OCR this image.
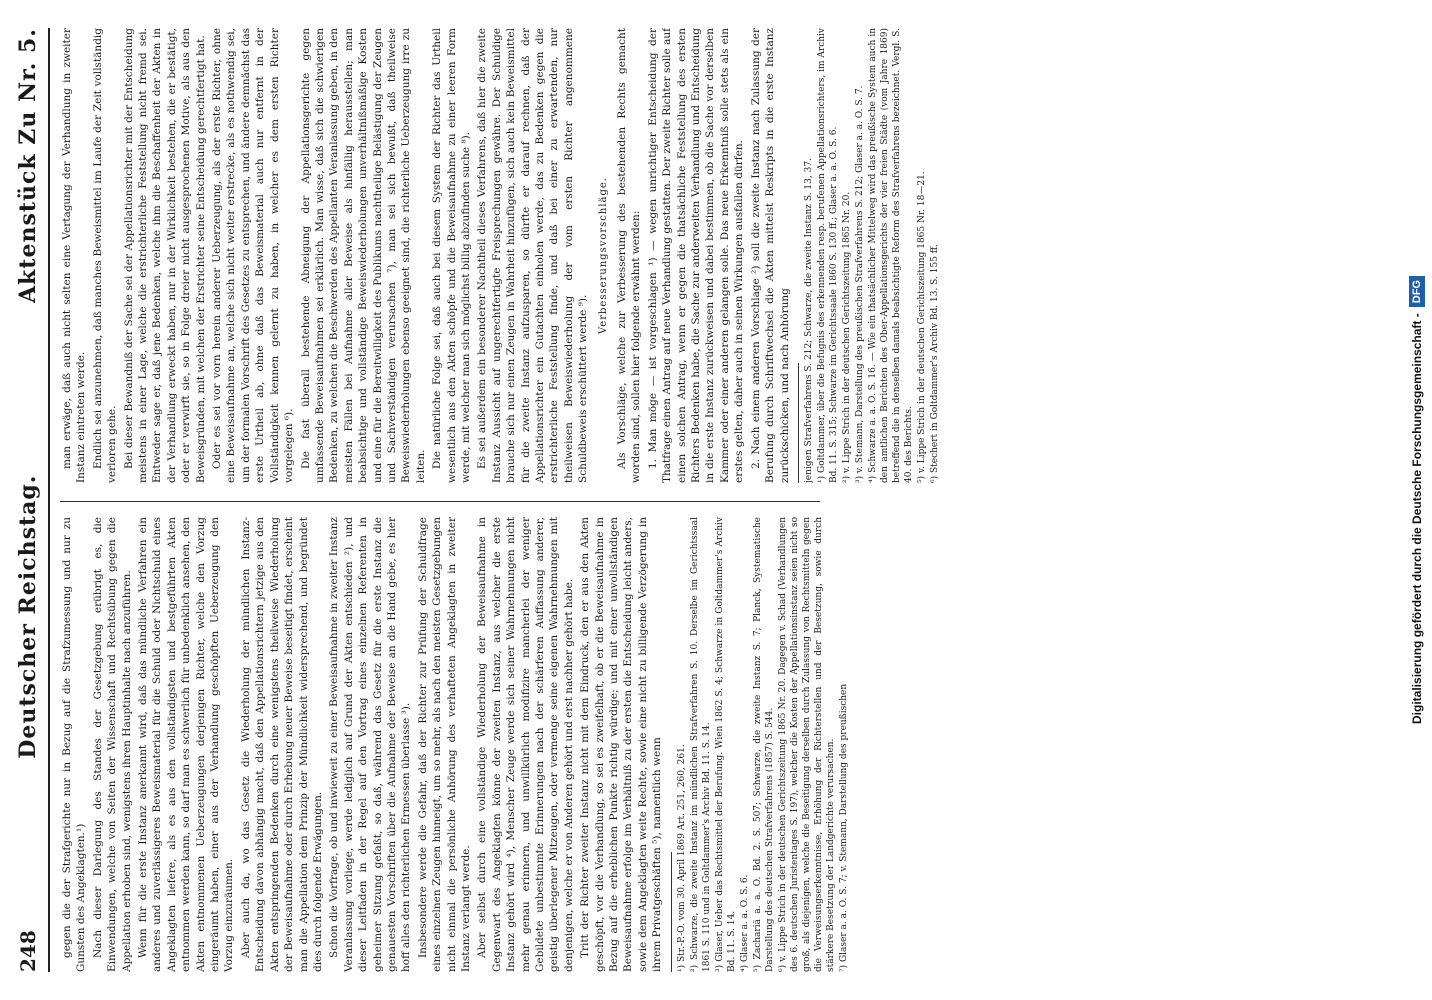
248
Deutscher Reichstag.
Aktenstück Zu Nr. 5.

gegen die der Strafgerichte nur in Bezug auf die Strafzumessung und nur zu Gunsten des Angeklagten.¹) Nach dieser Darlegung des Standes der Gesetzgebung erübrigt es, die Einwendungen, welche von Seiten der Wissenschaft und Rechtsübung gegen die Appellation erhoben sind, wenigstens ihren Hauptinhalte nach anzuführen. Wenn für die erste Instanz anerkannt wird, daß das mündliche Verfahren ein anderes und zuverlässigeres Beweismaterial für die Schuld oder Nichtschuld eines Angeklagten liefere, als es aus den vollständigsten und bestgeführten Akten entnommen werden kann, so darf man es schwerlich für unbedenklich ansehen, den Akten entnommenen Ueberzeugungen derjenigen Richter, welche den Vorzug eingeräumt haben, einer aus der Verhandlung geschöpften Ueberzeugung den Vorzug einzuräumen. Aber auch da, wo das Gesetz die Wiederholung der mündlichen Instanz-Entscheidung davon abhängig macht, daß den Appellationsrichtern jetzige aus den Akten entspringenden Bedenken durch eine wenigstens theilweise Wiederholung der Beweisaufnahme oder durch Erhebung neuer Beweise beseitigt findet, erscheint man die Appellation dem Prinzip der Mündlichkeit widersprechend, und begründet dies durch folgende Erwägungen. Schon die Vorfrage, ob und inwieweit zu einer Beweisaufnahme in zweiter Instanz Veranlassung vorliege, werde lediglich auf Grund der Akten entschieden ²), und dieser Leitfaden in der Regel auf den Vortrag eines einzelnen Referenten in geheimer Sitzung gefaßt, so daß, während das Gesetz für die erste Instanz die genauesten Vorschriften über die Aufnahme der Beweise an die Hand gebe, es hier hoff alles den richterlichen Ermessen überlasse ³). Insbesondere werde die Gefahr, daß der Richter zur Prüfung der Schuldfrage eines einzelnen Zeugen hinneigt, um so mehr, als nach den meisten Gesetzgebungen nicht einmal die persönliche Anhörung des verhafteten Angeklagten in zweiter Instanz verlangt werde. Aber selbst durch eine vollständige Wiederholung der Beweisaufnahme in Gegenwart des Angeklagten könne der zweiten Instanz, aus welcher die erste Instanz gehört wird ⁴), Menscher Zeuge werde sich seiner Wahrnehmungen nicht mehr genau erinnern, und unwillkürlich modifizire mancherlei der weniger Gebildete unbestimmte Erinnerungen nach der schärferen Auffassung anderer, geistig überlegener Mitzeugen, oder vermenge seine eigenen Wahrnehmungen mit denjenigen, welche er von Anderen gehört und erst nachher gehört habe. Tritt der Richter zweiter Instanz nicht mit dem Eindruck, den er aus den Akten geschöpft, vor die Verhandlung, so sei es zweifelhaft, ob er die Beweisaufnahme in Bezug auf die erheblichen Punkte richtig würdige; und mit einer unvollständigen Beweisaufnahme erfolge im Verhältniß zu der ersten die Entscheidung leicht anders, sowie dem Angeklagten weite Rechte, sowie eine nicht zu billigende Verzögerung in ihrem Privatgeschäften ⁵), namentlich wenn ¹) Str.-P.-O. vom 30. April 1869 Art. 251, 260, 261. ²) Schwarze, die zweite Instanz im mündlichen Strafverfahren S. 10. Derselbe im Gerichtssaal 1861 S. 110 und in Goltdammer's Archiv Bd. 11. S. 14. ³) Glaser, Ueber das Rechtsmittel der Berufung. Wien 1862 S. 4; Schwarze in Goltdammer's Archiv Bd. 11. S. 14. ⁴) Glaser a. a. O. S. 6. ⁵) Zachariä a. a. O. Bd. 2. S. 507; Schwarze, die zweite Instanz S. 7; Planck, Systematische Darstellung des deutschen Strafverfahrens (1857) S. 544. ⁶) v. Lippe Strich in der deutschen Gerichtszeitung 1865 Nr. 20. Dagegen v. Schad (Verhandlungen des 6. deutschen Juristentages S. 197), welcher die Kosten der Appellationsinstanz seien nicht so groß, als diejenigen, welche die Beseitigung derselben durch Zulassung von Rechtsmitteln gegen die Verweisungserkenntnisse, Erhöhung der Richterstellen und der Besetzung, sowie durch stärkere Besetzung der Landgerichte verursachen. ⁷) Glaser a. a. O. S. 7; v. Stemann, Darstellung des preußischen

man erwäge, daß auch nicht selten eine Vertagung der Verhandlung in zweiter Instanz eintreten werde. Endlich sei anzunehmen, daß manches Beweismittel im Laufe der Zeit vollständig verloren gehe. Bei dieser Bewandniß der Sache sei der Appellationsrichter mit der Entscheidung meistens in einer Lage, welche die erstrichterliche Feststellung nicht fremd sei. Entweder sage er, daß jene Bedenken, welche ihm die Beschaffenheit der Akten in der Verhandlung erweckt haben, nur in der Wirklichkeit bestehen, die er bestätigt, oder er verwirft sie, so in Folge dreier nicht ausgesprochenen Motive, als aus den Beweisgründen, mit welchen der Erstrichter seine Entscheidung gerechtfertigt hat. Oder es sei vor vorn herein anderer Ueberzeugung, als der erste Richter, ohne eine Beweisaufnahme an, welche sich nicht weiter erstrecke, als es nothwendig sei, um der formalen Vorschrift des Gesetzes zu entsprechen, und ändere demnächst das erste Urtheil ab, ohne daß das Beweismaterial auch nur entfernt in der Vollständigkeit kennen gelernt zu haben, in welcher es dem ersten Richter vorgelegen ⁶). Die fast überall bestehende Abneigung der Appellationsgerichte gegen umfassende Beweisaufnahmen sei erklärlich. Man wisse, daß sich die schwierigen Bedenken, zu welchen die Beschwerden des Appellanten Veranlassung geben, in den meisten Fällen bei Aufnahme aller Beweise als hinfällig herausstellen; man beabsichtige und vollständige Beweiswiederholungen unverhältnißmäßige Kosten und eine für die Bereitwilligkeit des Publikums nachtheilige Belästigung der Zeugen und Sachverständigen verursachen ⁷), man sei sich bewußt, daß theilweise Beweiswiederholungen ebenso geeignet sind, die richterliche Ueberzeugung irre zu leiten. Die natürliche Folge sei, daß auch bei diesem System der Richter das Urtheil wesentlich aus den Akten schöpfe und die Beweisaufnahme zu einer leeren Form werde, mit welcher man sich möglichst billig abzufinden suche ⁸). Es sei außerdem ein besonderer Nachtheil dieses Verfahrens, daß hier die zweite Instanz Aussicht auf ungerechtfertigte Freisprechungen gewähre. Der Schuldige brauche sich nur einen Zeugen in Wahrheit hinzufügen, sich auch kein Beweismittel für die zweite Instanz aufzusparen, so dürfte er darauf rechnen, daß der Appellationsrichter ein Gutachten einholen werde, das zu Bedenken gegen die erstrichterliche Feststellung finde, und daß bei einer zu erwartenden, nur theilweisen Beweiswiederholung der vom ersten Richter angenommene Schuldbeweis erschüttert werde ⁹).

Verbesserungsvorschläge. Als Vorschläge, welche zur Verbesserung des bestehenden Rechts gemacht worden sind, sollen hier folgende erwähnt werden: 1. Man möge — ist vorgeschlagen ¹) — wegen unrichtiger Entscheidung der Thatfrage einen Antrag auf neue Verhandlung gestatten. Der zweite Richter solle auf einen solchen Antrag, wenn er gegen die thatsächliche Feststellung des ersten Richters Bedenken habe, die Sache zur anderweiten Verhandlung und Entscheidung in die erste Instanz zurückweisen und dabei bestimmen, ob die Sache vor derselben Kammer oder einer anderen gelangen solle. Das neue Erkenntniß solle stets als ein erstes gelten, daher auch in seinen Wirkungen ausfallen dürfen. 2. Nach einem anderen Vorschlage ²) soll die zweite Instanz nach Zulassung der Berufung durch Schriftwechsel die Akten mittelst Reskripts in die erste Instanz zurückschicken, und nach Anhörung jenigen Strafverfahrens S. 212; Schwarze, die zweite Instanz S. 13, 37. ¹) Goltdammer, über die Befugnis des erkennenden resp. berufenen Appellationsrichters, im Archiv Bd. 11. S. 315; Schwarze im Gerichtssaale 1860 S. 130 ff.; Glaser a. a. O. S. 6. ²) v. Lippe Strich in der deutschen Gerichtszeitung 1865 Nr. 20. ³) v. Stemann, Darstellung des preußischen Strafverfahrens S. 212; Glaser a. a. O. S. 7. ⁴) Schwarze a. a. O. S. 16. — Wie ein thatsächlicher Mittelweg wird das preußische System auch in den amtlichen Berichten des Ober-Appellationsgerichts der vier freien Städte (vom Jahre 1869) betreffend die in denselben damals beabsichtigte Reform des Strafverfahrens bezeichnet. Vergl. S. 40. des Berichts. ⁵) v. Lippe Strich in der deutschen Gerichtszeitung 1865 Nr. 18—21. ⁶) Stechert in Goltdammer's Archiv Bd. 13. S. 155 ff.	Digitalisierung gefördert durch die Deutsche Forschungsgemeinschaft -
DFG
